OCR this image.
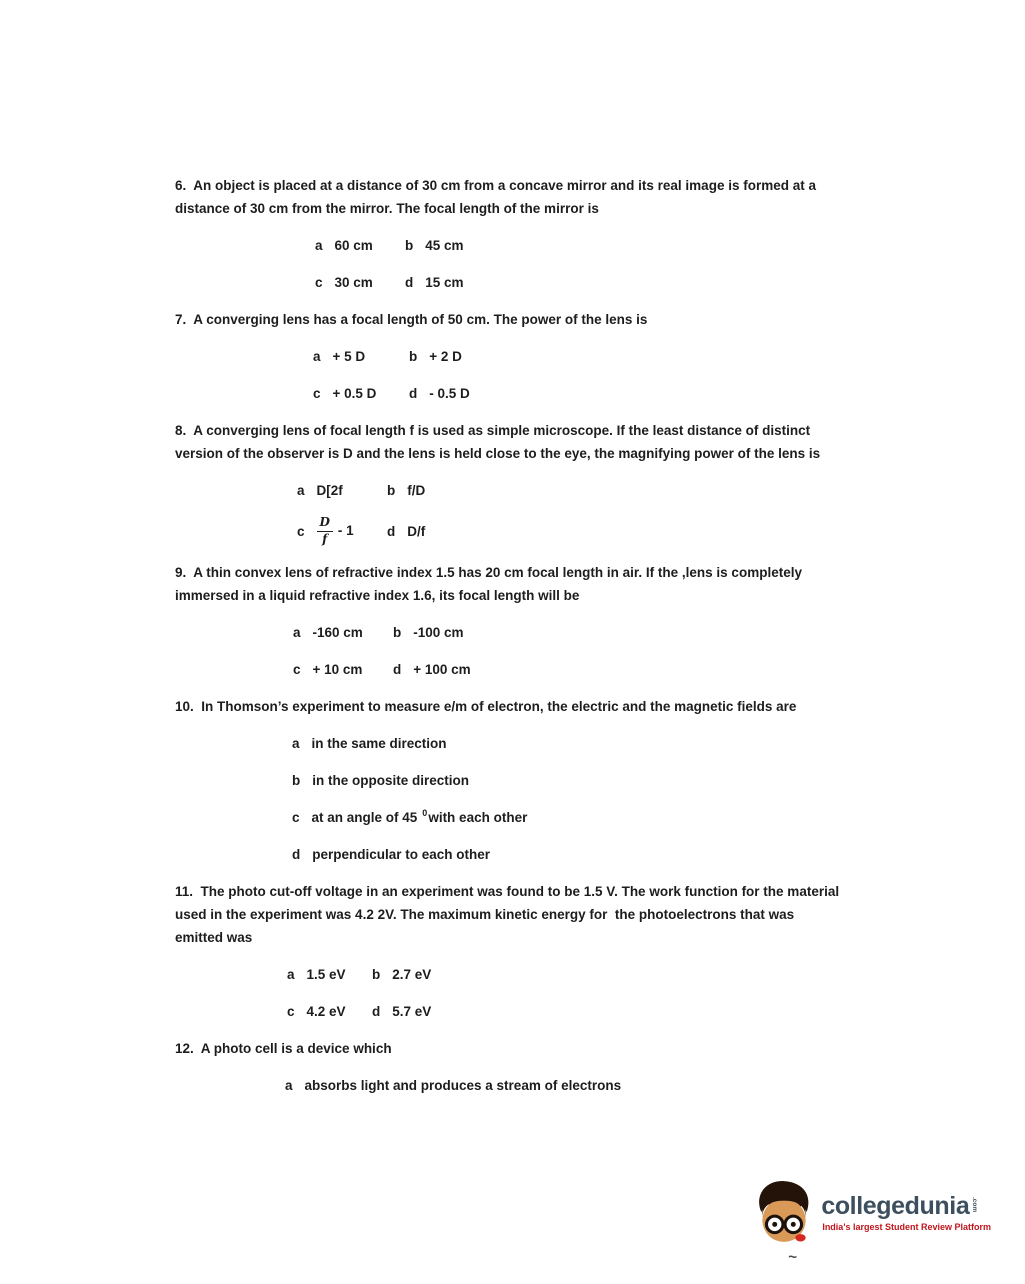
6.  An object is placed at a distance of 30 cm from a concave mirror and its real image is formed at a distance of 30 cm from the mirror. The focal length of the mirror is

a 60 cm b 45 cm
c 30 cm d 15 cm

7.  A converging lens has a focal length of 50 cm. The power of the lens is

a + 5 D	b + 2 D
c + 0.5 D d - 0.5 D

8.  A converging lens of focal length f is used as simple microscope. If the least distance of distinct version of the observer is D and the lens is held close to the eye, the magnifying power of the lens is

a D[2f	b f/D
c $\frac{D}{f} - 1$ d D/f

9.  A thin convex lens of refractive index 1.5 has 20 cm focal length in air. If the ,lens is completely immersed in a liquid refractive index 1.6, its focal length will be

a -160 cm b -100 cm
c + 10 cm d + 100 cm

10.  In Thomson’s experiment to measure e/m of electron, the electric and the magnetic fields are

a in the same direction
b in the opposite direction
c at an angle of 45 $^0$with each other
d perpendicular to each other

11.  The photo cut-off voltage in an experiment was found to be 1.5 V. The work function for the material used in the experiment was 4.2 2V. The maximum kinetic energy for  the photoelectrons that was emitted was

a 1.5 eV b 2.7 eV
c 4.2 eV d 5.7 eV

12.  A photo cell is a device which

a absorbs light and produces a stream of electrons
collegedunia .com
India's largest Student Review Platform
~
